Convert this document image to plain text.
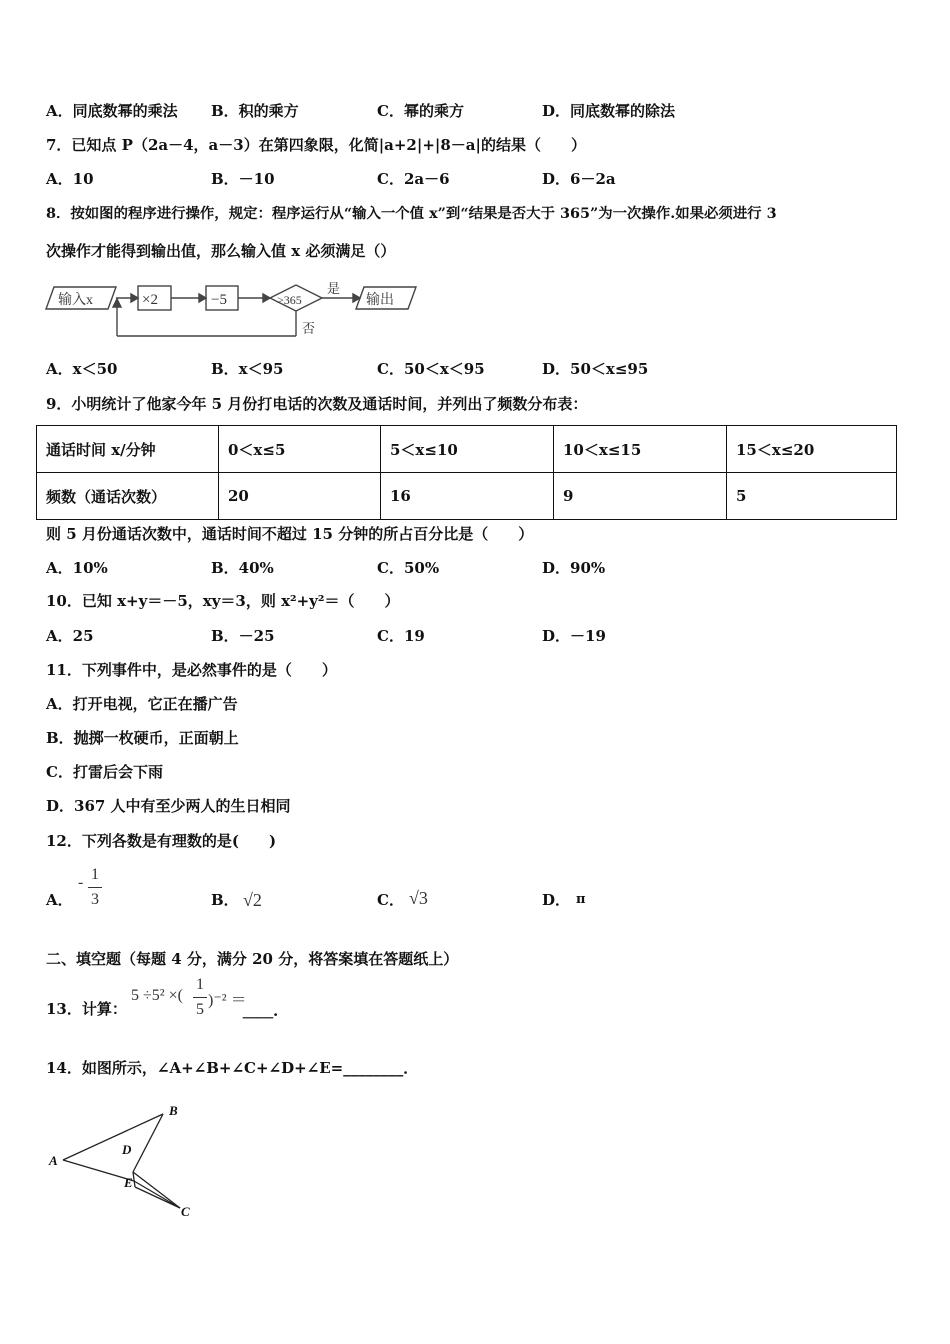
A．同底数幂的乘法 B．积的乘方	C．幂的乘方	D．同底数幂的除法
7．已知点 P（2a－4，a－3）在第四象限，化简|a+2|+|8－a|的结果（　　）
A．10	B．－10	C．2a－6	D．6－2a
8．按如图的程序进行操作，规定：程序运行从“输入一个值 x”到“结果是否大于 365”为一次操作.如果必须进行 3
次操作才能得到输出值，那么输入值 x 必须满足（）
输入x	×2	−5	>365
是
否
输出
A．x＜50	B．x＜95	C．50＜x＜95	D．50＜x≤95
9．小明统计了他家今年 5 月份打电话的次数及通话时间，并列出了频数分布表：
通话时间 x/分钟	0＜x≤5	5＜x≤10	10＜x≤15	15＜x≤20
频数（通话次数）	20	16	9	5
则 5 月份通话次数中，通话时间不超过 15 分钟的所占百分比是（　　）
A．10%	B．40%	C．50%	D．90%
10．已知 x+y＝－5，xy＝3，则 x²+y²＝（　　）
A．25	B．－25	C．19	D．－19
11．下列事件中，是必然事件的是（　　）
A．打开电视，它正在播广告
B．抛掷一枚硬币，正面朝上
C．打雷后会下雨
D．367 人中有至少两人的生日相同
12．下列各数是有理数的是(　　)
A．
- 1
3	B． √2	C． √3	D． π
二、填空题（每题 4 分，满分 20 分，将答案填在答题纸上）
13．计算：
5 ÷5² ×(
1
5
)⁻² ＝
＿＿.
14．如图所示，∠A+∠B+∠C+∠D+∠E=________．
A
B
C
D
E
